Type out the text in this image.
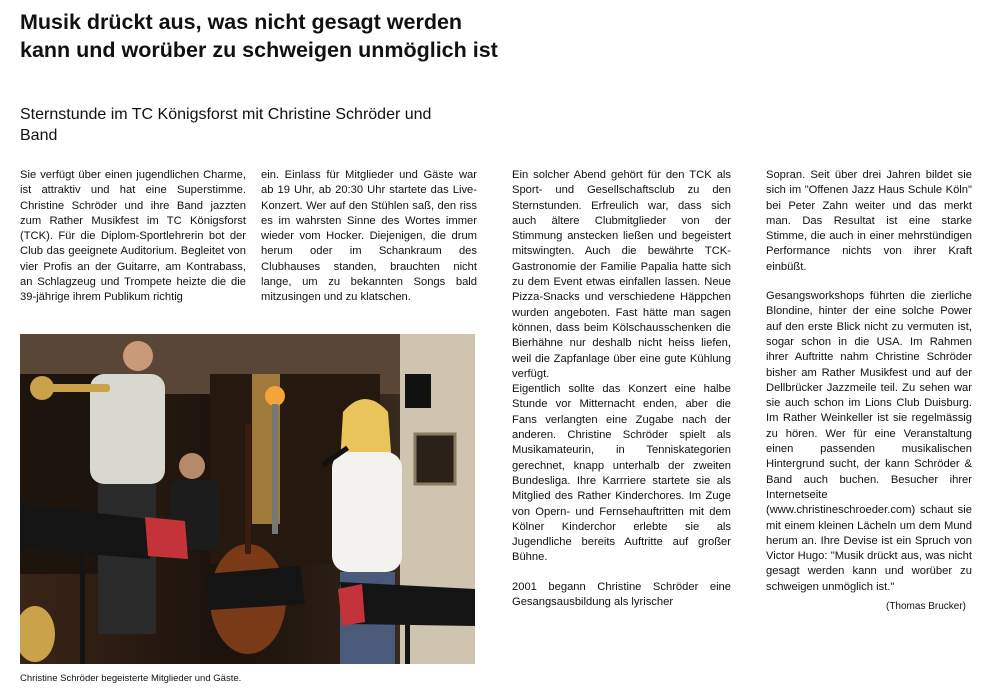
Musik drückt aus, was nicht gesagt werden kann und worüber zu schweigen unmöglich ist
Sternstunde im TC Königsforst mit Christine Schröder und Band

Sie verfügt über einen jugendlichen Charme, ist attraktiv und hat eine Superstimme. Christine Schröder und ihre Band jazzten zum Rather Musikfest im TC Königsforst (TCK). Für die Diplom-Sportlehrerin bot der Club das geeignete Auditorium. Begleitet von vier Profis an der Guitarre, am Kontrabass, an Schlagzeug und Trompete heizte die die 39-jährige ihrem Publikum richtig

ein. Einlass für Mitglieder und Gäste war ab 19 Uhr, ab 20:30 Uhr startete das Live-Konzert. Wer auf den Stühlen saß, den riss es im wahrsten Sinne des Wortes immer wieder vom Hocker. Diejenigen, die drum herum oder im Schankraum des Clubhauses standen, brauchten nicht lange, um zu bekannten Songs bald mitzusingen und zu klatschen.

Ein solcher Abend gehört für den TCK als Sport- und Gesellschaftsclub zu den Sternstunden. Erfreulich war, dass sich auch ältere Clubmitglieder von der Stimmung anstecken ließen und begeistert mitswingten. Auch die bewährte TCK-Gastronomie der Familie Papalia hatte sich zu dem Event etwas einfallen lassen. Neue Pizza-Snacks und verschiedene Häppchen wurden angeboten. Fast hätte man sagen können, dass beim Kölschausschenken die Bierhähne nur deshalb nicht heiss liefen, weil die Zapfanlage über eine gute Kühlung verfügt.

Eigentlich sollte das Konzert eine halbe Stunde vor Mitternacht enden, aber die Fans verlangten eine Zugabe nach der anderen. Christine Schröder spielt als Musikamateurin, in Tenniskategorien gerechnet, knapp unterhalb der zweiten Bundesliga. Ihre Karrriere startete sie als Mitglied des Rather Kinderchores. Im Zuge von Opern- und Fernsehauftritten mit dem Kölner Kinderchor erlebte sie als Jugendliche bereits Auftritte auf großer Bühne.

2001 begann Christine Schröder eine Gesangsausbildung als lyrischer

Sopran. Seit über drei Jahren bildet sie sich im "Offenen Jazz Haus Schule Köln" bei Peter Zahn weiter und das merkt man. Das Resultat ist eine starke Stimme, die auch in einer mehrstündigen Performance nichts von ihrer Kraft einbüßt.

Gesangsworkshops führten die zierliche Blondine, hinter der eine solche Power auf den erste Blick nicht zu vermuten ist, sogar schon in die USA. Im Rahmen ihrer Auftritte nahm Christine Schröder bisher am Rather Musikfest und auf der Dellbrücker Jazzmeile teil. Zu sehen war sie auch schon im Lions Club Duisburg. Im Rather Weinkeller ist sie regelmässig zu hören. Wer für eine Veranstaltung einen passenden musikalischen Hintergrund sucht, der kann Schröder & Band auch buchen. Besucher ihrer Internetseite (www.christineschroeder.com) schaut sie mit einem kleinen Lächeln um dem Mund herum an. Ihre Devise ist ein Spruch von Victor Hugo: "Musik drückt aus, was nicht gesagt werden kann und worüber zu schweigen unmöglich ist."

(Thomas Brucker)

Christine Schröder begeisterte Mitglieder und Gäste.
